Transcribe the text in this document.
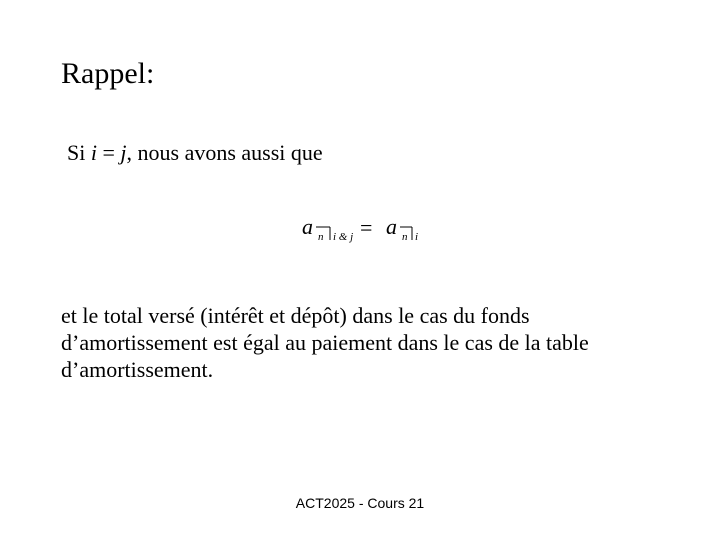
Rappel:
Si i = j, nous avons aussi que
a n i & j = a n i
et le total versé (intérêt et dépôt) dans le cas du fonds
d’amortissement est égal au paiement dans le cas de la table
d’amortissement.
ACT2025 - Cours 21
